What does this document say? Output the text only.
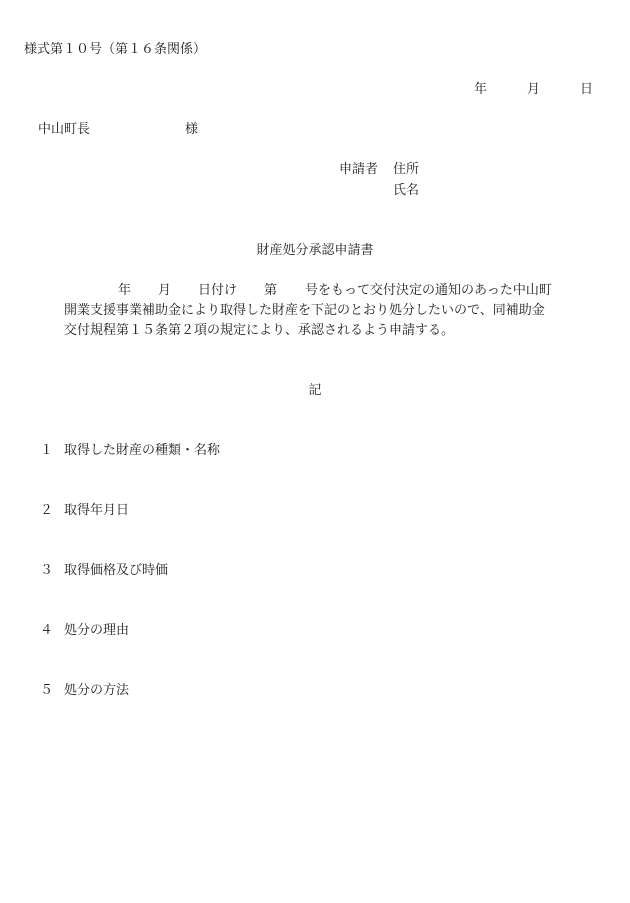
様式第１０号（第１６条関係）
年	月	日
中山町長	様
申請者 住所
氏名
財産処分承認申請書
年 月 日付け 第 号をもって交付決定の通知のあった中山町
開業支援事業補助金により取得した財産を下記のとおり処分したいので、同補助金
交付規程第１５条第２項の規定により、承認されるよう申請する。
記
１ 取得した財産の種類・名称
２ 取得年月日
３ 取得価格及び時価
４ 処分の理由
５ 処分の方法
